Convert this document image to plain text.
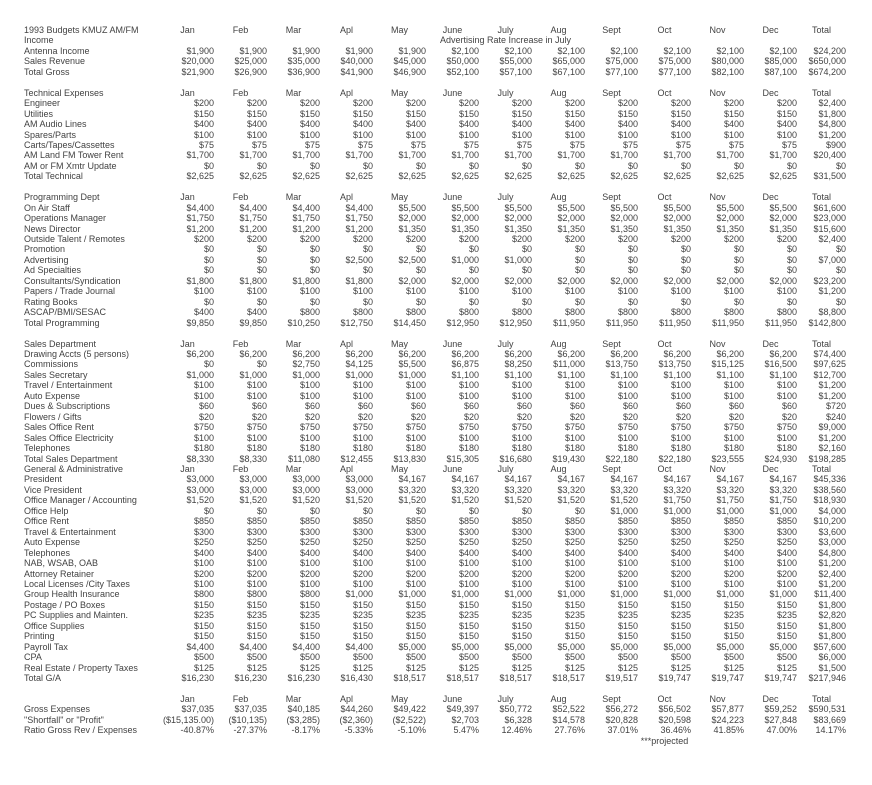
1993 Budgets KMUZ AM/FM	Jan	Feb	Mar	Apl	May	June	July	Aug	Sept	Oct	Nov	Dec	Total
Income						Advertising Rate Increase in July							
Antenna Income	$1,900	$1,900	$1,900	$1,900	$1,900	$2,100	$2,100	$2,100	$2,100	$2,100	$2,100	$2,100	$24,200
Sales Revenue	$20,000	$25,000	$35,000	$40,000	$45,000	$50,000	$55,000	$65,000	$75,000	$75,000	$80,000	$85,000	$650,000
Total Gross	$21,900	$26,900	$36,900	$41,900	$46,900	$52,100	$57,100	$67,100	$77,100	$77,100	$82,100	$87,100	$674,200

Technical Expenses	Jan	Feb	Mar	Apl	May	June	July	Aug	Sept	Oct	Nov	Dec	Total
Engineer	$200	$200	$200	$200	$200	$200	$200	$200	$200	$200	$200	$200	$2,400
Utilities	$150	$150	$150	$150	$150	$150	$150	$150	$150	$150	$150	$150	$1,800
AM Audio Lines	$400	$400	$400	$400	$400	$400	$400	$400	$400	$400	$400	$400	$4,800
Spares/Parts	$100	$100	$100	$100	$100	$100	$100	$100	$100	$100	$100	$100	$1,200
Carts/Tapes/Cassettes	$75	$75	$75	$75	$75	$75	$75	$75	$75	$75	$75	$75	$900
AM Land FM Tower Rent	$1,700	$1,700	$1,700	$1,700	$1,700	$1,700	$1,700	$1,700	$1,700	$1,700	$1,700	$1,700	$20,400
AM or FM Xmtr Update	$0	$0	$0	$0	$0	$0	$0	$0	$0	$0	$0	$0	$0
Total Technical	$2,625	$2,625	$2,625	$2,625	$2,625	$2,625	$2,625	$2,625	$2,625	$2,625	$2,625	$2,625	$31,500

Programming Dept	Jan	Feb	Mar	Apl	May	June	July	Aug	Sept	Oct	Nov	Dec	Total
On Air Staff	$4,400	$4,400	$4,400	$4,400	$5,500	$5,500	$5,500	$5,500	$5,500	$5,500	$5,500	$5,500	$61,600
Operations Manager	$1,750	$1,750	$1,750	$1,750	$2,000	$2,000	$2,000	$2,000	$2,000	$2,000	$2,000	$2,000	$23,000
News Director	$1,200	$1,200	$1,200	$1,200	$1,350	$1,350	$1,350	$1,350	$1,350	$1,350	$1,350	$1,350	$15,600
Outside Talent / Remotes	$200	$200	$200	$200	$200	$200	$200	$200	$200	$200	$200	$200	$2,400
Promotion	$0	$0	$0	$0	$0	$0	$0	$0	$0	$0	$0	$0	$0
Advertising	$0	$0	$0	$2,500	$2,500	$1,000	$1,000	$0	$0	$0	$0	$0	$7,000
Ad Specialties	$0	$0	$0	$0	$0	$0	$0	$0	$0	$0	$0	$0	$0
Consultants/Syndication	$1,800	$1,800	$1,800	$1,800	$2,000	$2,000	$2,000	$2,000	$2,000	$2,000	$2,000	$2,000	$23,200
Papers / Trade Journal	$100	$100	$100	$100	$100	$100	$100	$100	$100	$100	$100	$100	$1,200
Rating Books	$0	$0	$0	$0	$0	$0	$0	$0	$0	$0	$0	$0	$0
ASCAP/BMI/SESAC	$400	$400	$800	$800	$800	$800	$800	$800	$800	$800	$800	$800	$8,800
Total Programming	$9,850	$9,850	$10,250	$12,750	$14,450	$12,950	$12,950	$11,950	$11,950	$11,950	$11,950	$11,950	$142,800

Sales Department	Jan	Feb	Mar	Apl	May	June	July	Aug	Sept	Oct	Nov	Dec	Total
Drawing Accts (5 persons)	$6,200	$6,200	$6,200	$6,200	$6,200	$6,200	$6,200	$6,200	$6,200	$6,200	$6,200	$6,200	$74,400
Commissions	$0	$0	$2,750	$4,125	$5,500	$6,875	$8,250	$11,000	$13,750	$13,750	$15,125	$16,500	$97,625
Sales Secretary	$1,000	$1,000	$1,000	$1,000	$1,000	$1,100	$1,100	$1,100	$1,100	$1,100	$1,100	$1,100	$12,700
Travel / Entertainment	$100	$100	$100	$100	$100	$100	$100	$100	$100	$100	$100	$100	$1,200
Auto Expense	$100	$100	$100	$100	$100	$100	$100	$100	$100	$100	$100	$100	$1,200
Dues & Subscriptions	$60	$60	$60	$60	$60	$60	$60	$60	$60	$60	$60	$60	$720
Flowers / Gifts	$20	$20	$20	$20	$20	$20	$20	$20	$20	$20	$20	$20	$240
Sales Office Rent	$750	$750	$750	$750	$750	$750	$750	$750	$750	$750	$750	$750	$9,000
Sales Office Electricity	$100	$100	$100	$100	$100	$100	$100	$100	$100	$100	$100	$100	$1,200
Telephones	$180	$180	$180	$180	$180	$180	$180	$180	$180	$180	$180	$180	$2,160
Total Sales Department	$8,330	$8,330	$11,080	$12,455	$13,830	$15,305	$16,680	$19,430	$22,180	$22,180	$23,555	$24,930	$198,285
General & Administrative	Jan	Feb	Mar	Apl	May	June	July	Aug	Sept	Oct	Nov	Dec	Total
President	$3,000	$3,000	$3,000	$3,000	$4,167	$4,167	$4,167	$4,167	$4,167	$4,167	$4,167	$4,167	$45,336
Vice President	$3,000	$3,000	$3,000	$3,000	$3,320	$3,320	$3,320	$3,320	$3,320	$3,320	$3,320	$3,320	$38,560
Office Manager / Accounting	$1,520	$1,520	$1,520	$1,520	$1,520	$1,520	$1,520	$1,520	$1,520	$1,750	$1,750	$1,750	$18,930
Office Help	$0	$0	$0	$0	$0	$0	$0	$0	$1,000	$1,000	$1,000	$1,000	$4,000
Office Rent	$850	$850	$850	$850	$850	$850	$850	$850	$850	$850	$850	$850	$10,200
Travel & Entertainment	$300	$300	$300	$300	$300	$300	$300	$300	$300	$300	$300	$300	$3,600
Auto Expense	$250	$250	$250	$250	$250	$250	$250	$250	$250	$250	$250	$250	$3,000
Telephones	$400	$400	$400	$400	$400	$400	$400	$400	$400	$400	$400	$400	$4,800
NAB, WSAB, OAB	$100	$100	$100	$100	$100	$100	$100	$100	$100	$100	$100	$100	$1,200
Attorney Retainer	$200	$200	$200	$200	$200	$200	$200	$200	$200	$200	$200	$200	$2,400
Local Licenses /City Taxes	$100	$100	$100	$100	$100	$100	$100	$100	$100	$100	$100	$100	$1,200
Group Health Insurance	$800	$800	$800	$1,000	$1,000	$1,000	$1,000	$1,000	$1,000	$1,000	$1,000	$1,000	$11,400
Postage / PO Boxes	$150	$150	$150	$150	$150	$150	$150	$150	$150	$150	$150	$150	$1,800
PC Supplies and Mainten.	$235	$235	$235	$235	$235	$235	$235	$235	$235	$235	$235	$235	$2,820
Office Supplies	$150	$150	$150	$150	$150	$150	$150	$150	$150	$150	$150	$150	$1,800
Printing	$150	$150	$150	$150	$150	$150	$150	$150	$150	$150	$150	$150	$1,800
Payroll Tax	$4,400	$4,400	$4,400	$4,400	$5,000	$5,000	$5,000	$5,000	$5,000	$5,000	$5,000	$5,000	$57,600
CPA	$500	$500	$500	$500	$500	$500	$500	$500	$500	$500	$500	$500	$6,000
Real Estate / Property Taxes	$125	$125	$125	$125	$125	$125	$125	$125	$125	$125	$125	$125	$1,500
Total G/A	$16,230	$16,230	$16,230	$16,430	$18,517	$18,517	$18,517	$18,517	$19,517	$19,747	$19,747	$19,747	$217,946

	Jan	Feb	Mar	Apl	May	June	July	Aug	Sept	Oct	Nov	Dec	Total
Gross Expenses	$37,035	$37,035	$40,185	$44,260	$49,422	$49,397	$50,772	$52,522	$56,272	$56,502	$57,877	$59,252	$590,531
"Shortfall" or "Profit"	($15,135.00)	($10,135)	($3,285)	($2,360)	($2,522)	$2,703	$6,328	$14,578	$20,828	$20,598	$24,223	$27,848	$83,669
Ratio Gross Rev / Expenses	-40.87%	-27.37%	-8.17%	-5.33%	-5.10%	5.47%	12.46%	27.76%	37.01%	36.46%	41.85%	47.00%	14.17%
										***projected			
